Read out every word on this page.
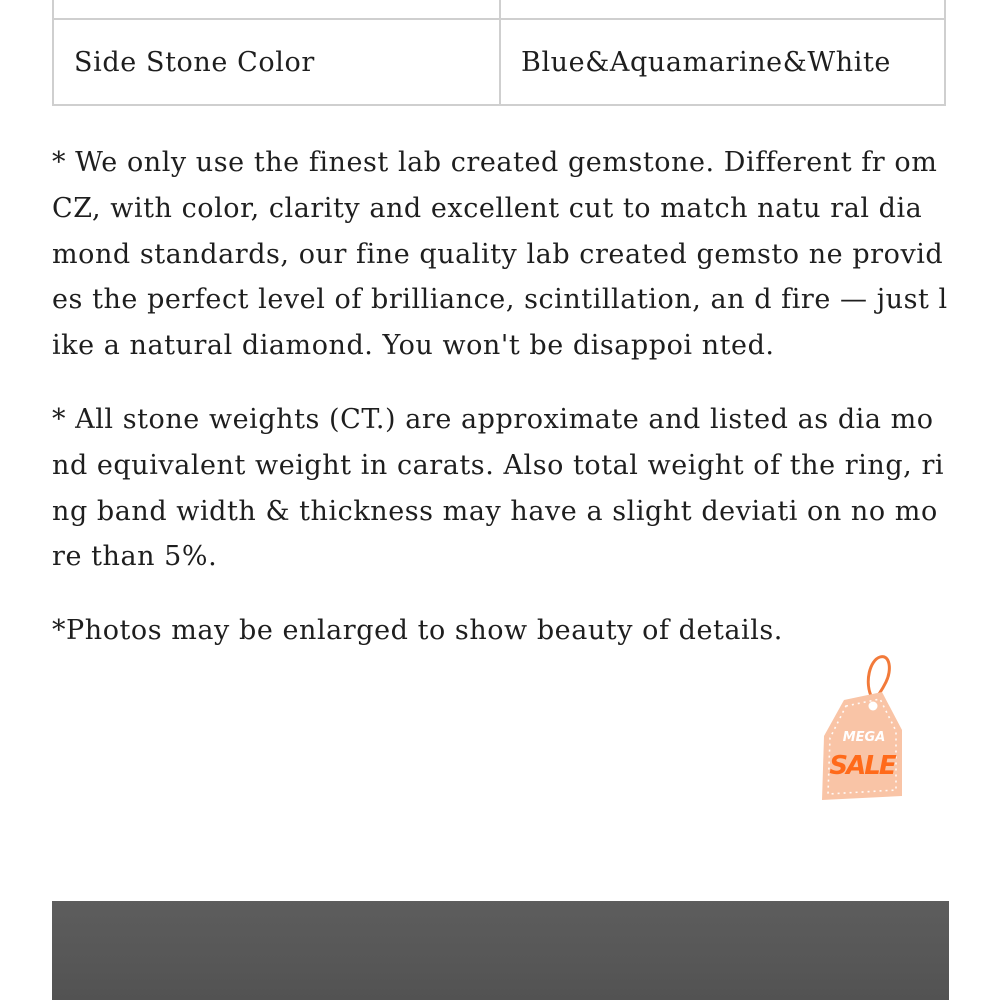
Side Stone Color	Blue&Aquamarine&White

* We only use the finest lab created gemstone. Different fr om CZ, with color, clarity and excellent cut to match natu ral diamond standards, our fine quality lab created gemsto ne provides the perfect level of brilliance, scintillation, an d fire — just like a natural diamond. You won't be disappoi nted.

* All stone weights (CT.) are approximate and listed as dia mond equivalent weight in carats. Also total weight of the ring, ring band width & thickness may have a slight deviati on no more than 5%.

*Photos may be enlarged to show beauty of details.

MEGA
SALE
